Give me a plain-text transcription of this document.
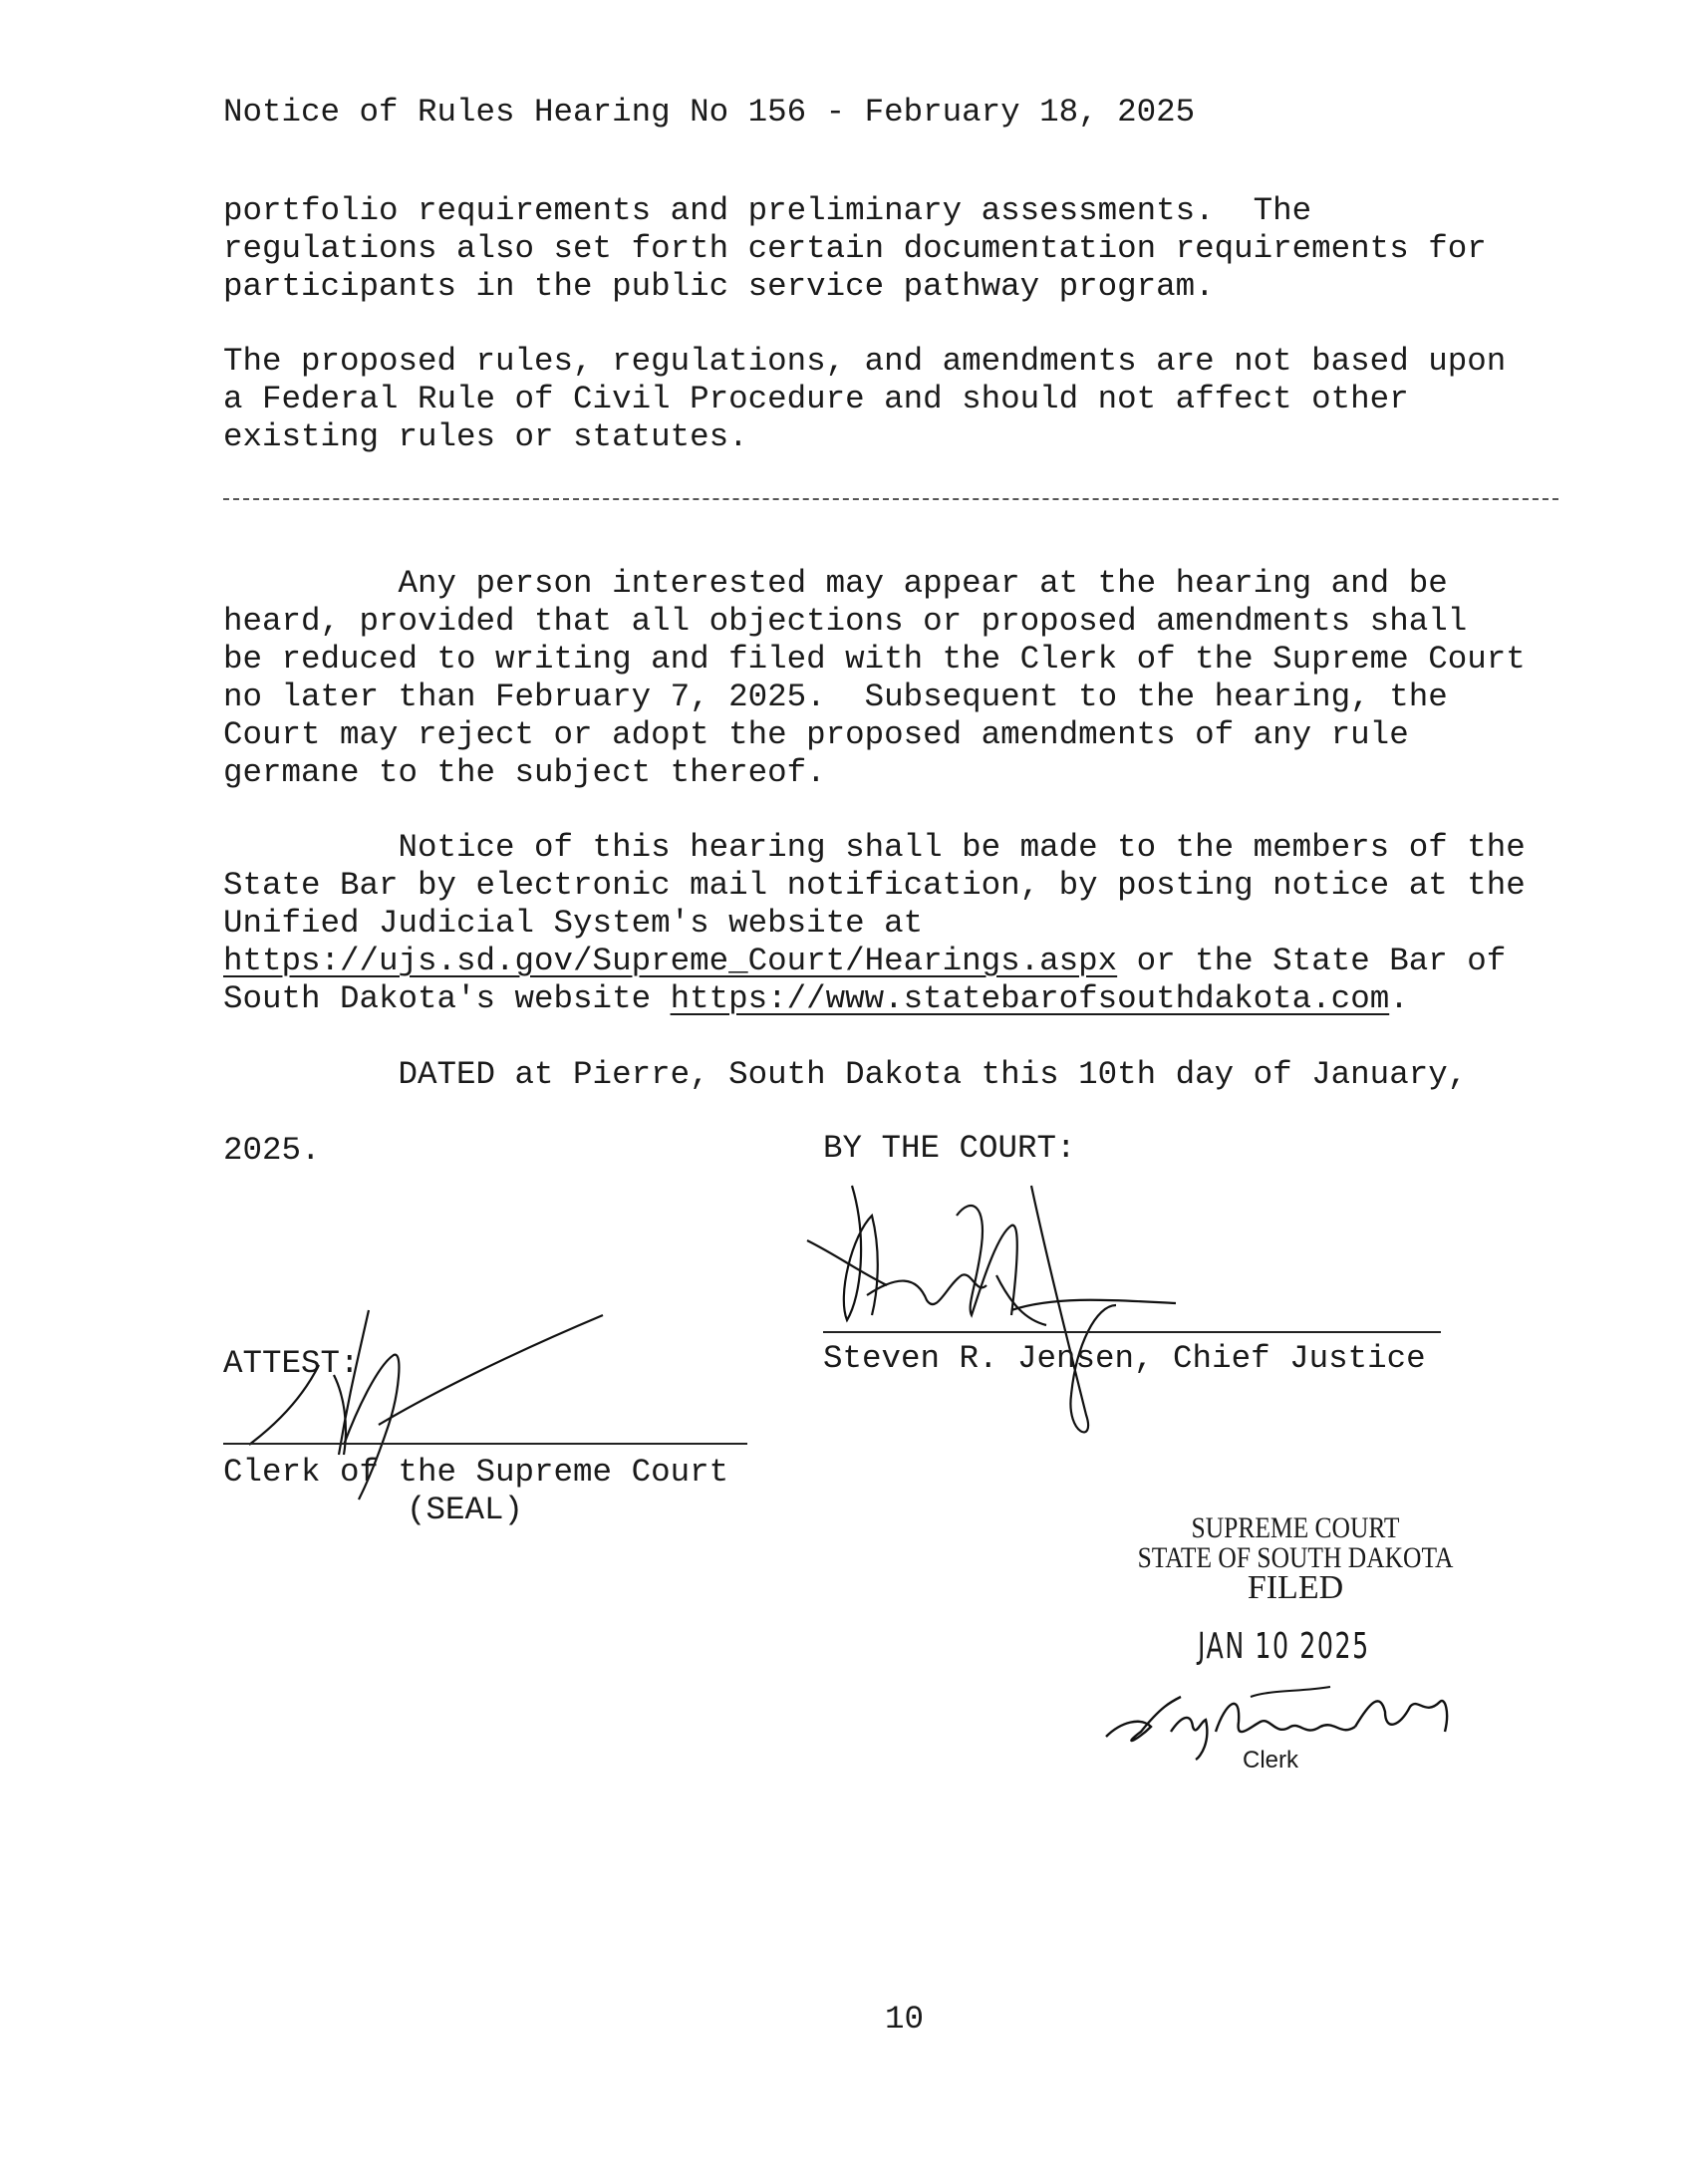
Notice of Rules Hearing No 156 - February 18, 2025
portfolio requirements and preliminary assessments.  The
regulations also set forth certain documentation requirements for
participants in the public service pathway program.
The proposed rules, regulations, and amendments are not based upon
a Federal Rule of Civil Procedure and should not affect other
existing rules or statutes.
Any person interested may appear at the hearing and be
heard, provided that all objections or proposed amendments shall
be reduced to writing and filed with the Clerk of the Supreme Court
no later than February 7, 2025.  Subsequent to the hearing, the
Court may reject or adopt the proposed amendments of any rule
germane to the subject thereof.
Notice of this hearing shall be made to the members of the
State Bar by electronic mail notification, by posting notice at the
Unified Judicial System's website at
https://ujs.sd.gov/Supreme_Court/Hearings.aspx or the State Bar of
South Dakota's website https://www.statebarofsouthdakota.com.
DATED at Pierre, South Dakota this 10th day of January,
2025.	BY THE COURT:
Steven R. Jensen, Chief Justice
ATTEST:
Clerk of the Supreme Court
(SEAL)	SUPREME COURT
STATE OF SOUTH DAKOTA
FILED
JAN 10 2025
Clerk
10
